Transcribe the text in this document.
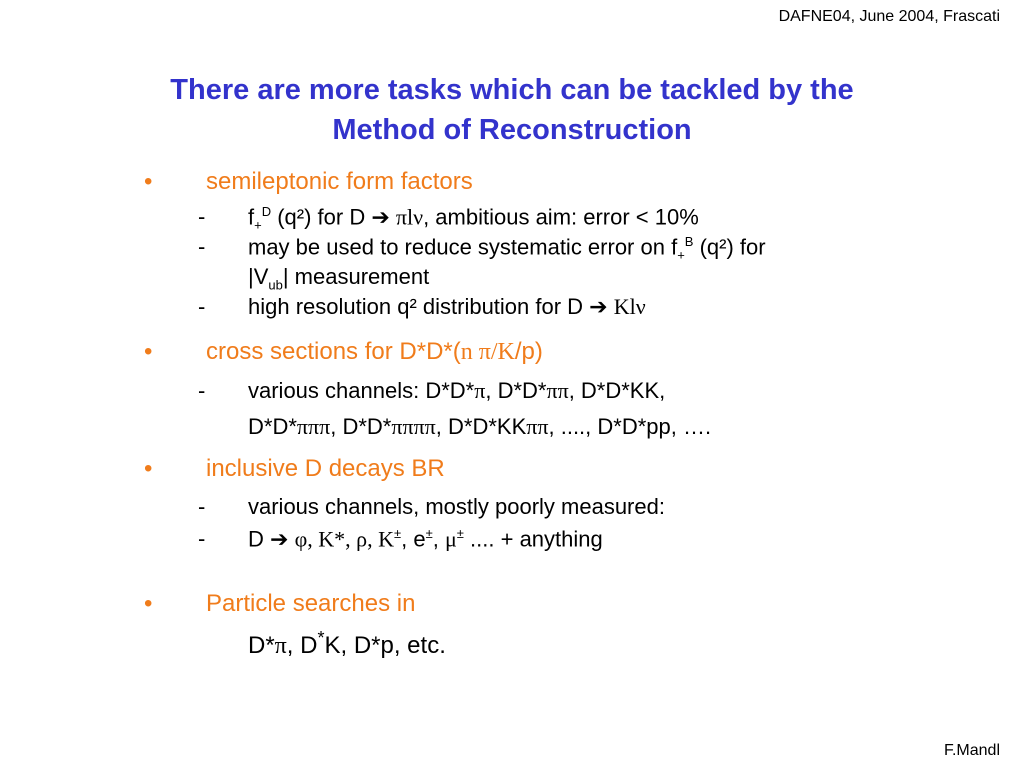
DAFNE04, June 2004, Frascati
There are more tasks which can be tackled by the
Method of Reconstruction
• semileptonic form factors
- $f_+^D$ (q²) for D ➔ πlν, ambitious aim: error < 10%
- may be used to reduce systematic error on $f_+^B$ (q²) for
$|V_{ub}|$ measurement
- high resolution q² distribution for D ➔ Klν
• cross sections for D*D*(n π/K/p)
- various channels: D*D*π, D*D*ππ, D*D*KK,
D*D*πππ, D*D*ππππ, D*D*KKππ, ...., D*D*pp, ….
• inclusive D decays BR
- various channels, mostly poorly measured:
- D ➔ φ, K*, ρ, K±, e±, μ± .... + anything
• Particle searches in
D*π, D*K, D*p, etc.
F.Mandl
